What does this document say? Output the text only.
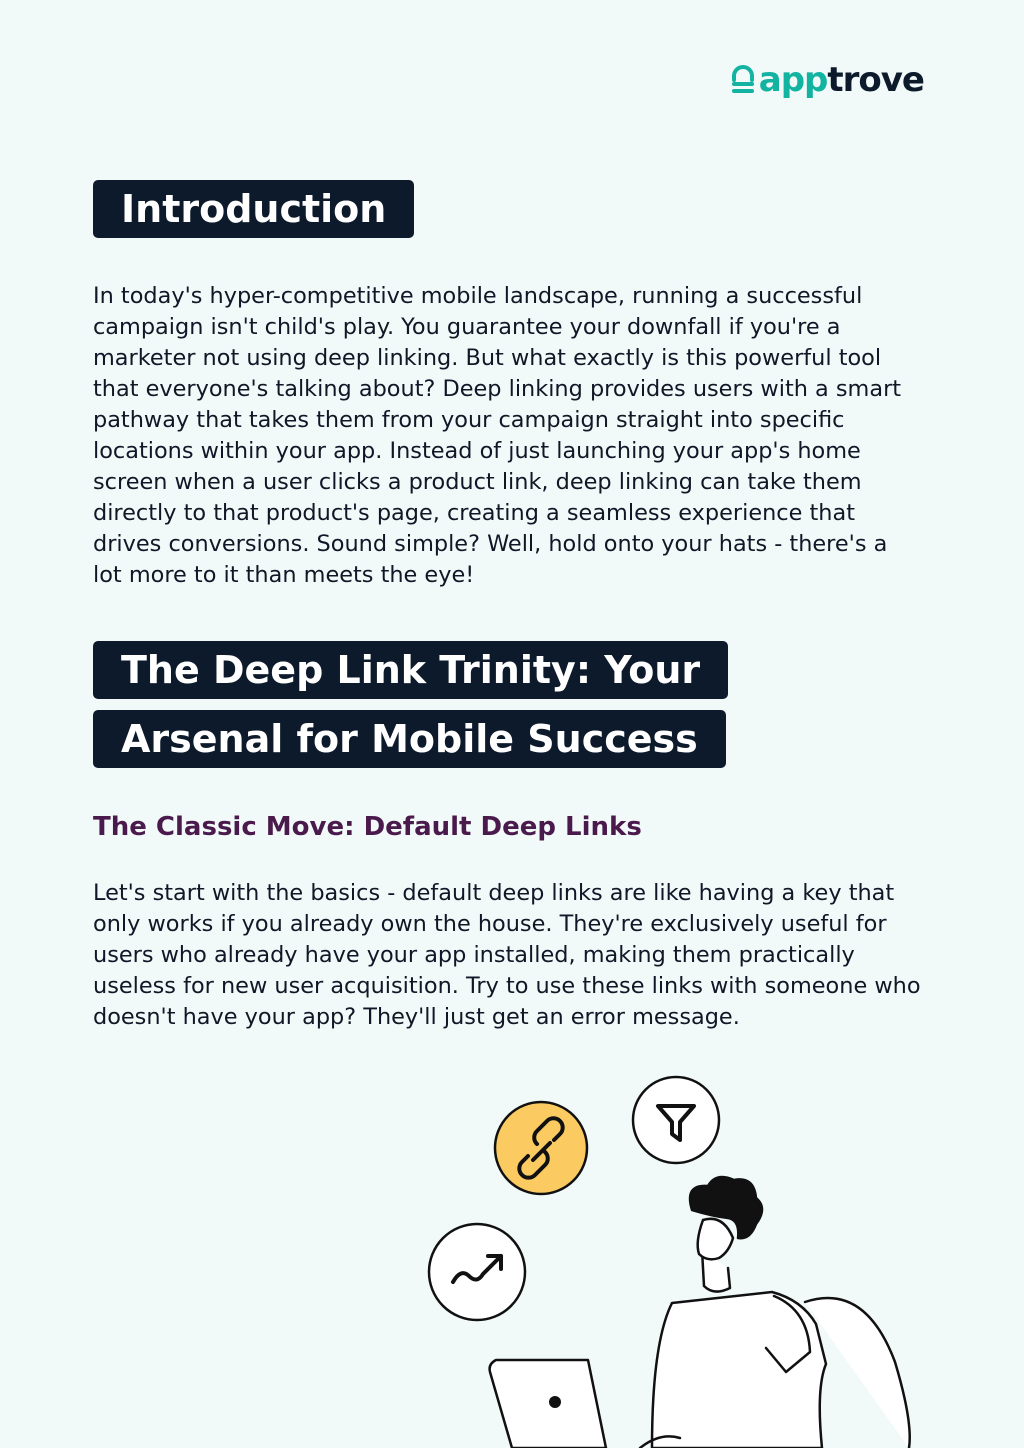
app trove
Introduction

In today's hyper-competitive mobile landscape, running a successful campaign isn't child's play. You guarantee your downfall if you're a marketer not using deep linking. But what exactly is this powerful tool that everyone's talking about? Deep linking provides users with a smart pathway that takes them from your campaign straight into specific locations within your app. Instead of just launching your app's home screen when a user clicks a product link, deep linking can take them directly to that product's page, creating a seamless experience that drives conversions. Sound simple? Well, hold onto your hats - there's a lot more to it than meets the eye!

The Deep Link Trinity: Your
Arsenal for Mobile Success
The Classic Move: Default Deep Links

Let's start with the basics - default deep links are like having a key that only works if you already own the house. They're exclusively useful for users who already have your app installed, making them practically useless for new user acquisition. Try to use these links with someone who doesn't have your app? They'll just get an error message.
